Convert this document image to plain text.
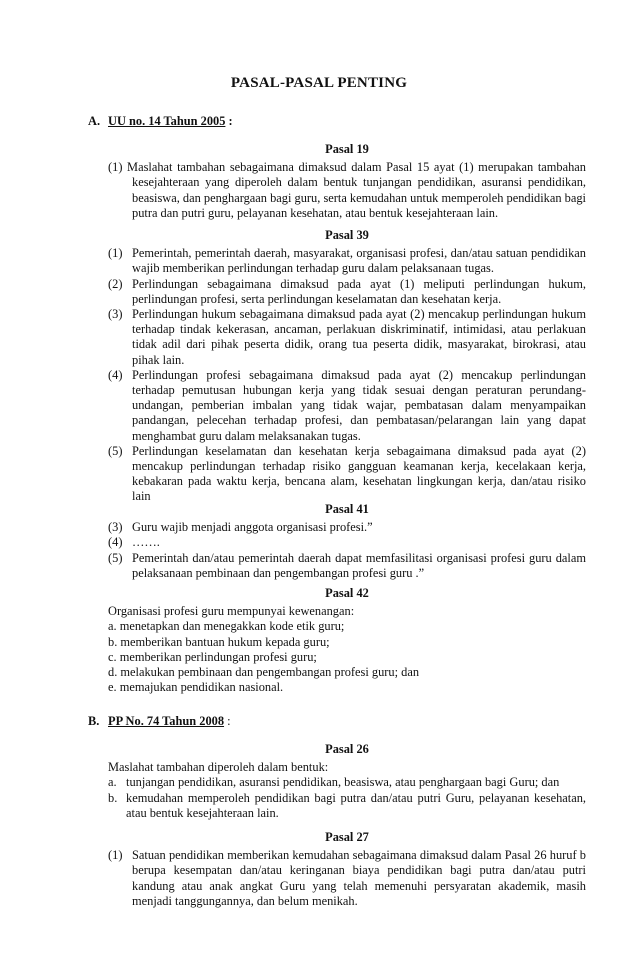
PASAL-PASAL PENTING
A. UU no. 14 Tahun 2005 :
Pasal 19
(1) Maslahat tambahan sebagaimana dimaksud dalam Pasal 15 ayat (1) merupakan tambahan kesejahteraan yang diperoleh dalam bentuk tunjangan pendidikan, asuransi pendidikan, beasiswa, dan penghargaan bagi guru, serta kemudahan untuk memperoleh pendidikan bagi putra dan putri guru, pelayanan kesehatan, atau bentuk kesejahteraan lain.
Pasal 39
(1) Pemerintah, pemerintah daerah, masyarakat, organisasi profesi, dan/atau satuan pendidikan wajib memberikan perlindungan terhadap guru dalam pelaksanaan tugas.
(2) Perlindungan sebagaimana dimaksud pada ayat (1) meliputi perlindungan hukum, perlindungan profesi, serta perlindungan keselamatan dan kesehatan kerja.
(3) Perlindungan hukum sebagaimana dimaksud pada ayat (2) mencakup perlindungan hukum terhadap tindak kekerasan, ancaman, perlakuan diskriminatif, intimidasi, atau perlakuan tidak adil dari pihak peserta didik, orang tua peserta didik, masyarakat, birokrasi, atau pihak lain.
(4) Perlindungan profesi sebagaimana dimaksud pada ayat (2) mencakup perlindungan terhadap pemutusan hubungan kerja yang tidak sesuai dengan peraturan perundang-undangan, pemberian imbalan yang tidak wajar, pembatasan dalam menyampaikan pandangan, pelecehan terhadap profesi, dan pembatasan/pelarangan lain yang dapat menghambat guru dalam melaksanakan tugas.
(5) Perlindungan keselamatan dan kesehatan kerja sebagaimana dimaksud pada ayat (2) mencakup perlindungan terhadap risiko gangguan keamanan kerja, kecelakaan kerja, kebakaran pada waktu kerja, bencana alam, kesehatan lingkungan kerja, dan/atau risiko lain
Pasal 41
(3) Guru wajib menjadi anggota organisasi profesi.”
(4) …….
(5) Pemerintah dan/atau pemerintah daerah dapat memfasilitasi organisasi profesi guru dalam pelaksanaan pembinaan dan pengembangan profesi guru .”
Pasal 42
Organisasi profesi guru mempunyai kewenangan:
a. menetapkan dan menegakkan kode etik guru;
b. memberikan bantuan hukum kepada guru;
c. memberikan perlindungan profesi guru;
d. melakukan pembinaan dan pengembangan profesi guru; dan
e. memajukan pendidikan nasional.
B. PP No. 74 Tahun 2008 :
Pasal 26
Maslahat tambahan diperoleh dalam bentuk:
a. tunjangan pendidikan, asuransi pendidikan, beasiswa, atau penghargaan bagi Guru; dan
b. kemudahan memperoleh pendidikan bagi putra dan/atau putri Guru, pelayanan kesehatan, atau bentuk kesejahteraan lain.
Pasal 27
(1) Satuan pendidikan memberikan kemudahan sebagaimana dimaksud dalam Pasal 26 huruf b berupa kesempatan dan/atau keringanan biaya pendidikan bagi putra dan/atau putri kandung atau anak angkat Guru yang telah memenuhi persyaratan akademik, masih menjadi tanggungannya, dan belum menikah.
